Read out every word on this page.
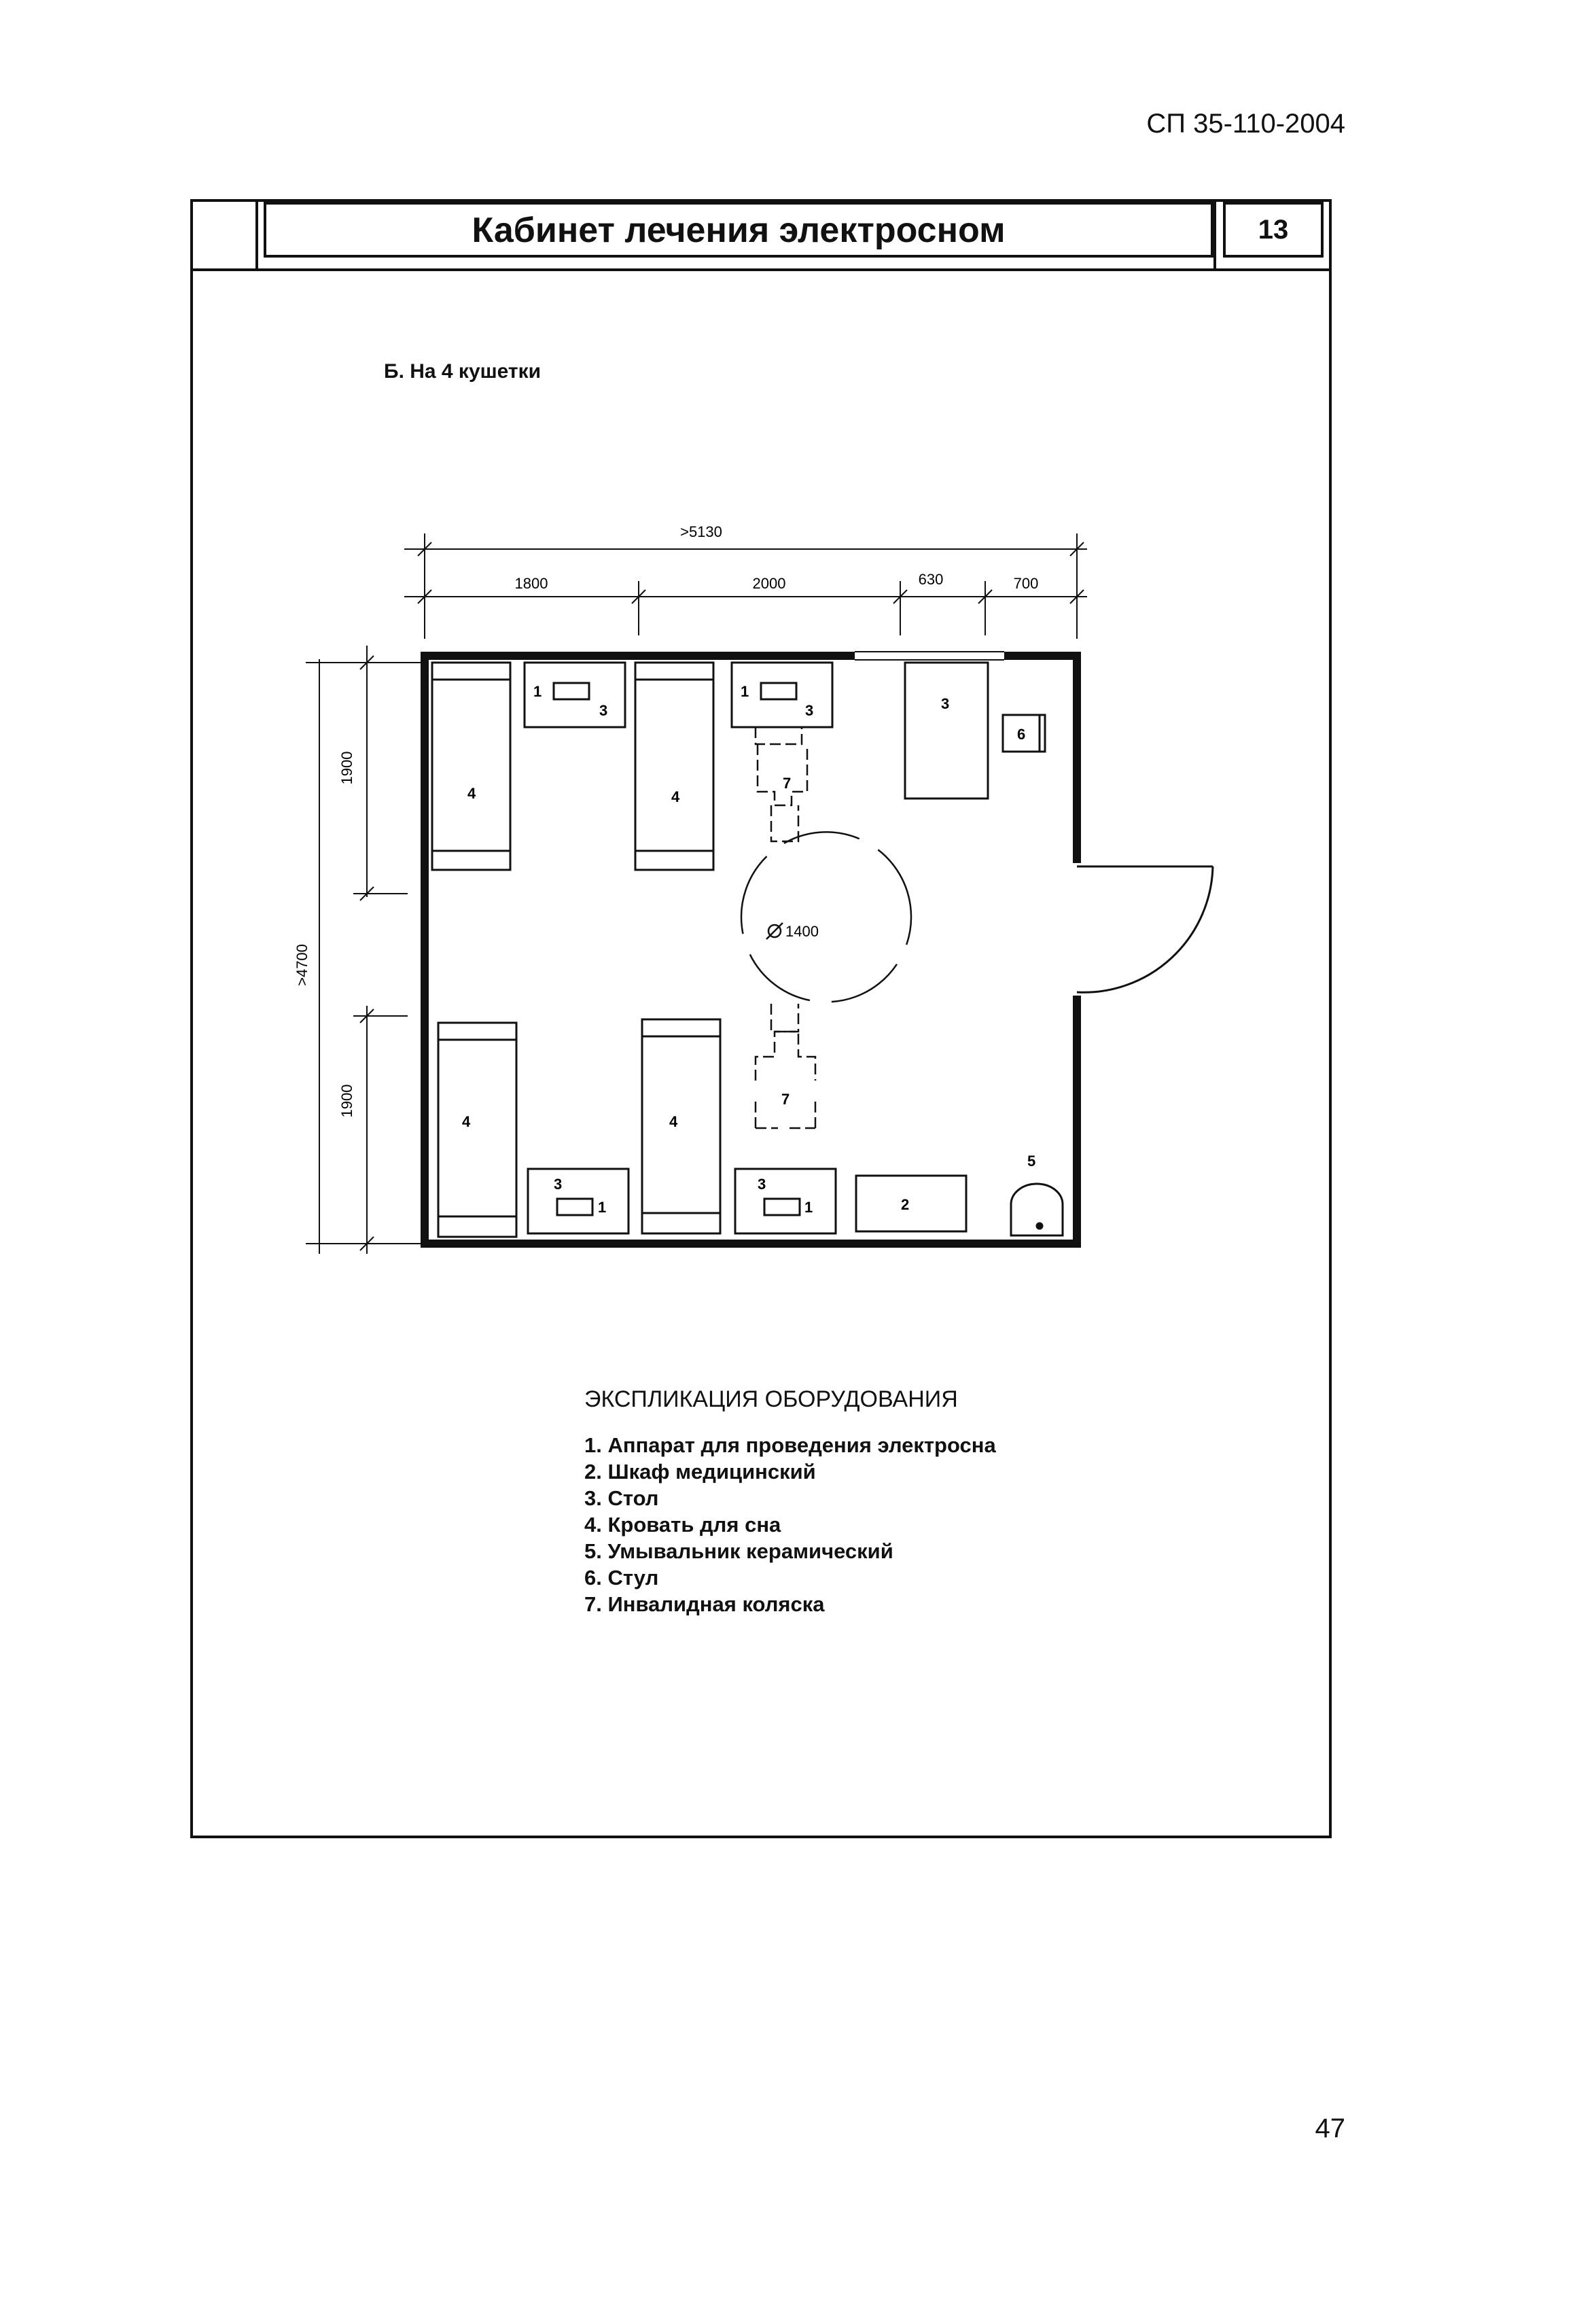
СП 35-110-2004
Кабинет лечения электросном	13
Б. На 4 кушетки
>5130
1800	2000	630	700
1900
1900
>4700
1400
1
3
1
3	3
6
4	4
7
4	4
7
3
1
3
1	2
5
ЭКСПЛИКАЦИЯ ОБОРУДОВАНИЯ
1. Аппарат для проведения электросна
2. Шкаф медицинский
3. Стол
4. Кровать для сна
5. Умывальник керамический
6. Стул
7. Инвалидная коляска
47
